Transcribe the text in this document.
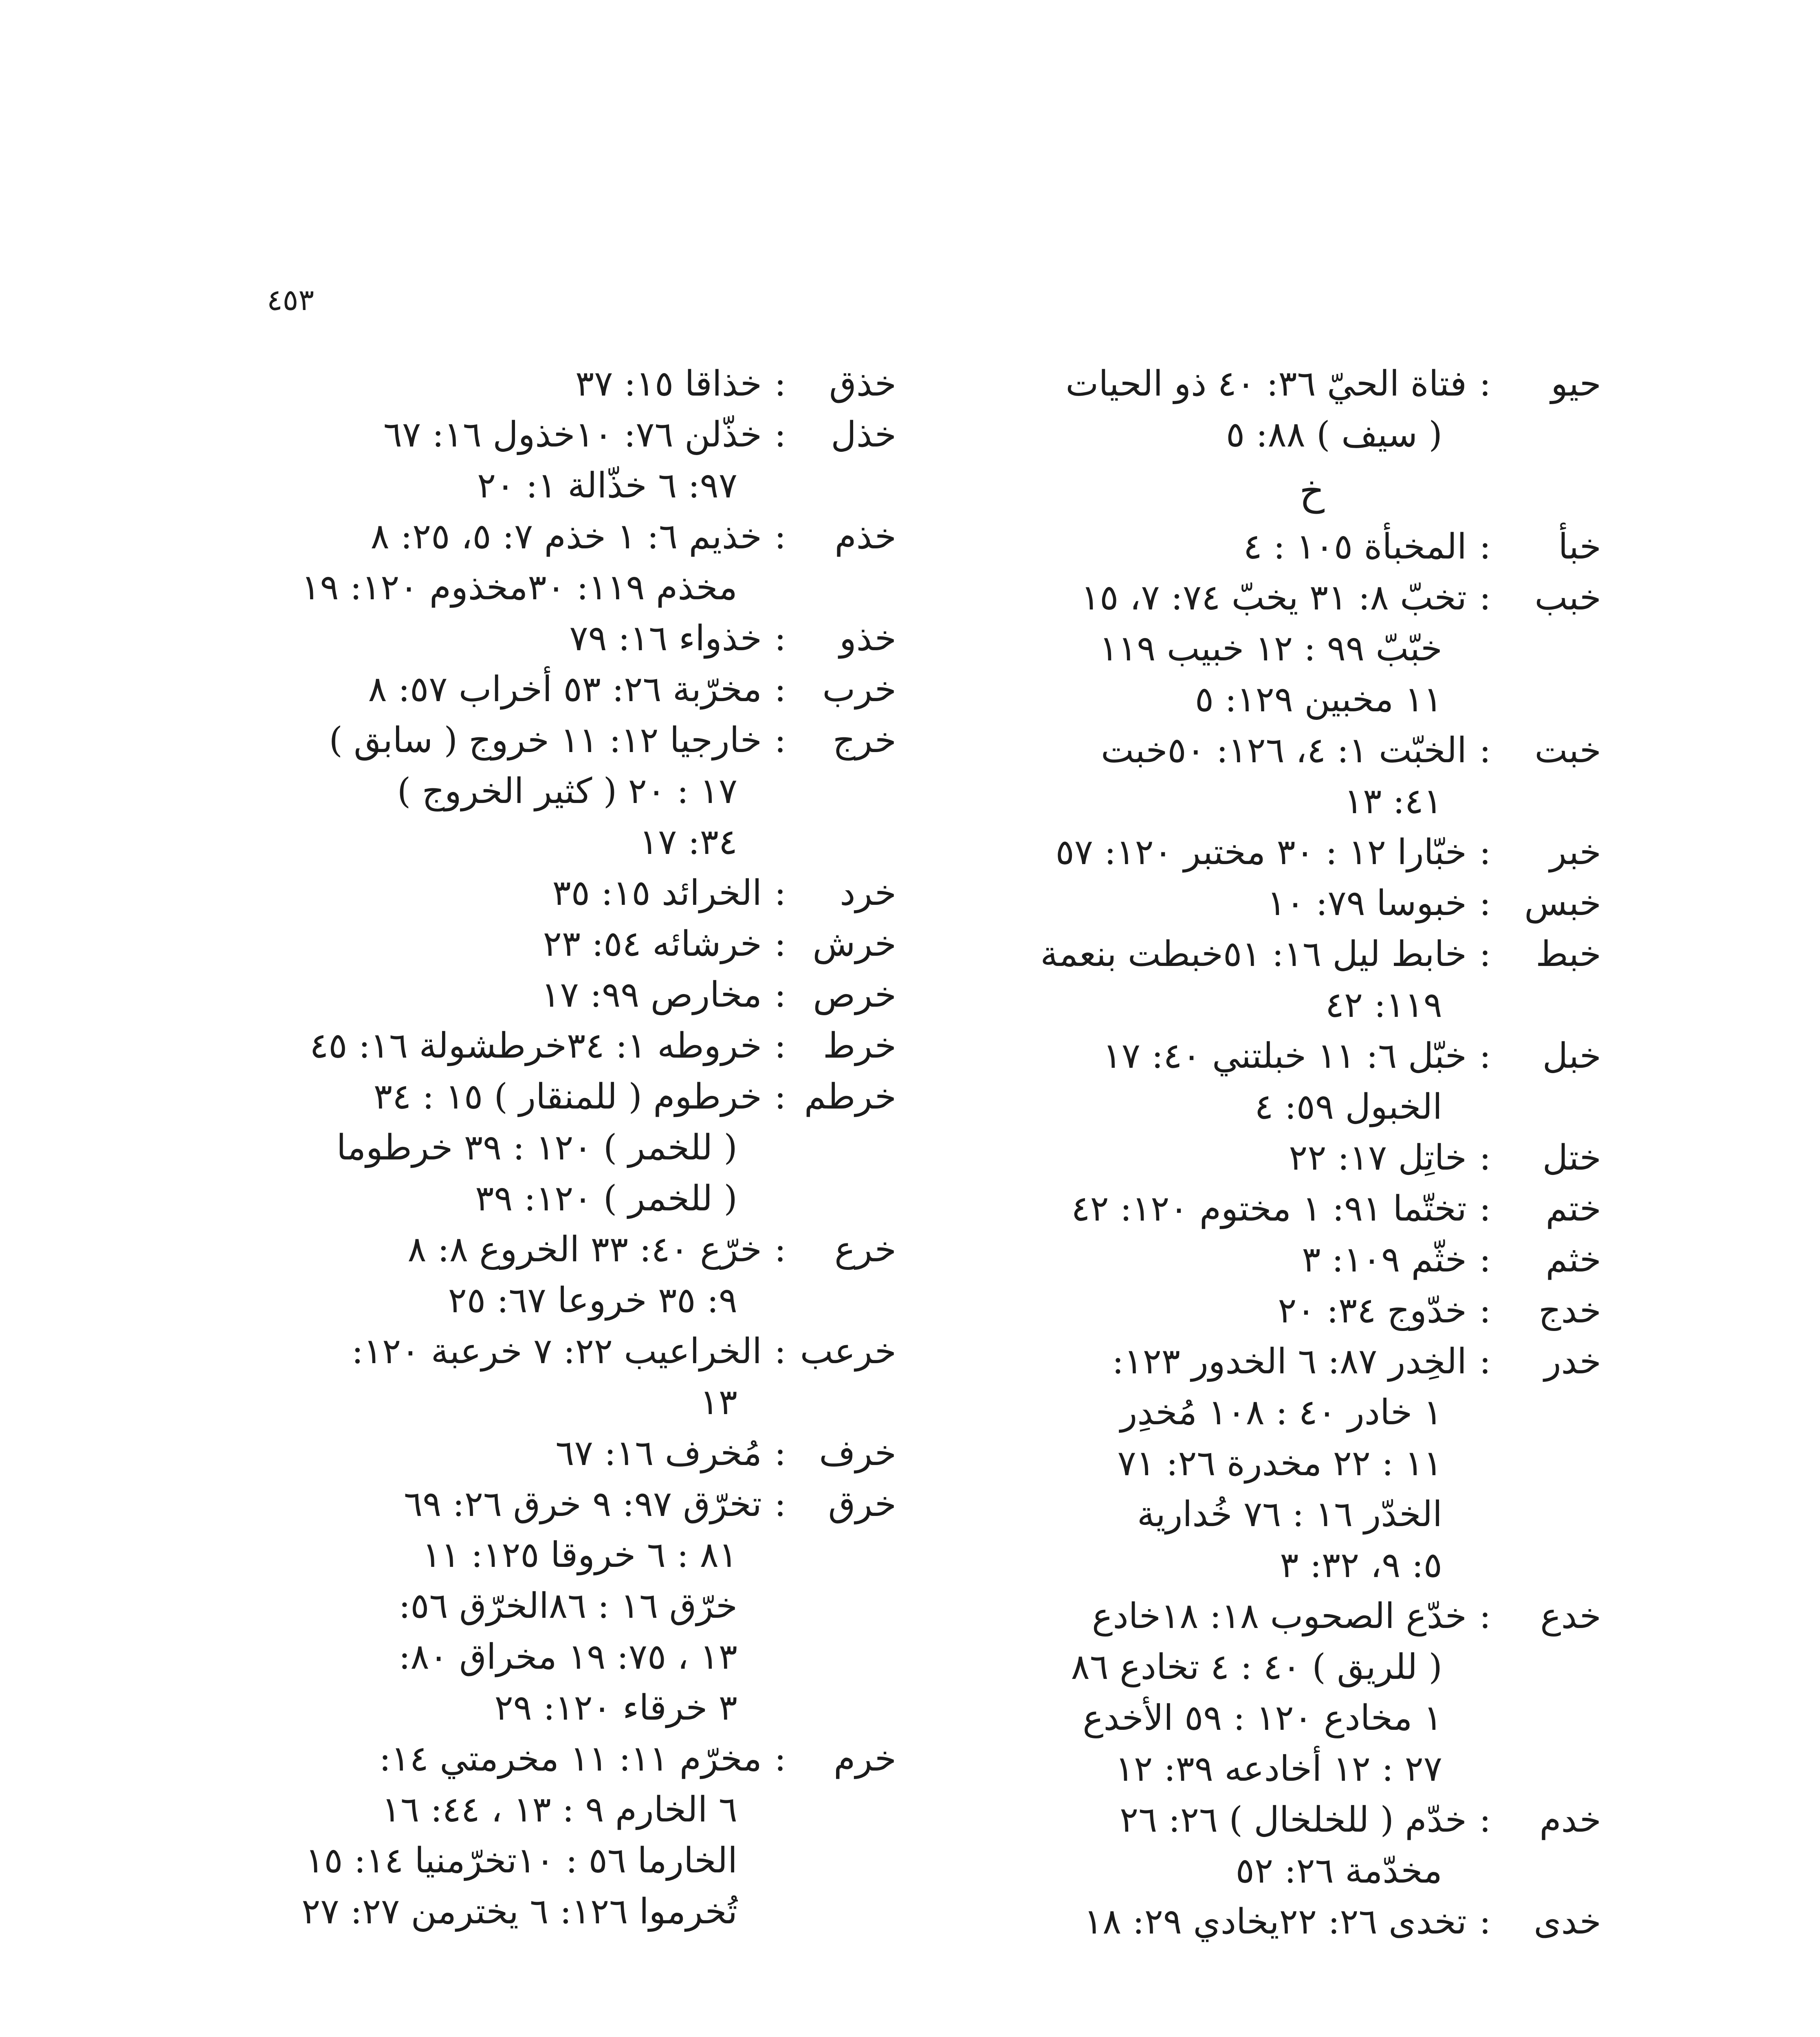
٤٥٣
حيو
:
فتاة الحيّ ٣٦: ٤٠ ذو الحيات
( سيف ) ٨٨: ٥
خ
خبأ
:
المخبأة ١٠٥ : ٤
خبب
:
تخبّ ٨: ٣١ يخبّ ٧٤: ٧، ١٥
خبّبّ ٩٩ : ١٢ خبيب ١١٩
١١ مخبين ١٢٩: ٥
خبت
:
الخبّت ١: ٤، ١٢٦: ٥٠خبت
٤١: ١٣
خبر
:
خبّارا ١٢ : ٣٠ مختبر ١٢٠: ٥٧
خبس
:
خبوسا ٧٩: ١٠
خبط
:
خابط ليل ١٦: ٥١خبطت بنعمة
١١٩: ٤٢
خبل
:
خبّل ٦: ١١ خبلتني ٤٠: ١٧
الخبول ٥٩: ٤
ختل
:
خاتِل ١٧: ٢٢
ختم
:
تختّما ٩١: ١ مختوم ١٢٠: ٤٢
خثم
:
خثّم ١٠٩: ٣
خدج
:
خدّوج ٣٤: ٢٠
خدر
:
الخِدر ٨٧: ٦ الخدور ١٢٣:
١ خادر ٤٠ : ١٠٨ مُخدِر
١١ : ٢٢ مخدرة ٢٦: ٧١
الخدّر ١٦ : ٧٦ خُدارية
٥: ٩، ٣٢: ٣
خدع
:
خدّع الصحوب ١٨: ١٨خادع
( للريق ) ٤٠ : ٤ تخادع ٨٦
١ مخادع ١٢٠ : ٥٩ الأخدع
٢٧ : ١٢ أخادعه ٣٩: ١٢
خدم
:
خدّم ( للخلخال ) ٢٦: ٢٦
مخدّمة ٢٦: ٥٢
خدى
:
تخدى ٢٦: ٢٢يخادي ٢٩: ١٨
خذق
:
خذاقا ١٥: ٣٧
خذل
:
خذّلن ٧٦: ١٠خذول ١٦: ٦٧
٩٧: ٦ خذّالة ١: ٢٠
خذم
:
خذيم ٦: ١ خذم ٧: ٥، ٢٥: ٨
مخذم ١١٩: ٣٠مخذوم ١٢٠: ١٩
خذو
:
خذواء ١٦: ٧٩
خرب
:
مخرّبة ٢٦: ٥٣ أخراب ٥٧: ٨
خرج
:
خارجيا ١٢: ١١ خروج ( سابق )
١٧ : ٢٠ ( كثير الخروج )
٣٤: ١٧
خرد
:
الخرائد ١٥: ٣٥
خرش
:
خرشائه ٥٤: ٢٣
خرص
:
مخارص ٩٩: ١٧
خرط
:
خروطه ١: ٣٤خرطشولة ١٦: ٤٥
خرطم
:
خرطوم ( للمنقار ) ١٥ : ٣٤
( للخمر ) ١٢٠ : ٣٩ خرطوما
( للخمر ) ١٢٠: ٣٩
خرع
:
خرّع ٤٠: ٣٣ الخروع ٨: ٨
٩: ٣٥ خروعا ٦٧: ٢٥
خرعب
:
الخراعيب ٢٢: ٧ خرعبة ١٢٠:
١٣
خرف
:
مُخرف ١٦: ٦٧
خرق
:
تخرّق ٩٧: ٩ خرق ٢٦: ٦٩
٨١ : ٦ خروقا ١٢٥: ١١
خرّق ١٦ : ٨٦الخرّق ٥٦:
١٣ ، ٧٥: ١٩ مخراق ٨٠:
٣ خرقاء ١٢٠: ٢٩
خرم
:
مخرّم ١١: ١١ مخرمتي ١٤:
٦ الخارم ٩ : ١٣ ، ٤٤: ١٦
الخارما ٥٦ : ١٠تخرّمنيا ١٤: ١٥
تُخرموا ١٢٦: ٦ يخترمن ٢٧: ٢٧
